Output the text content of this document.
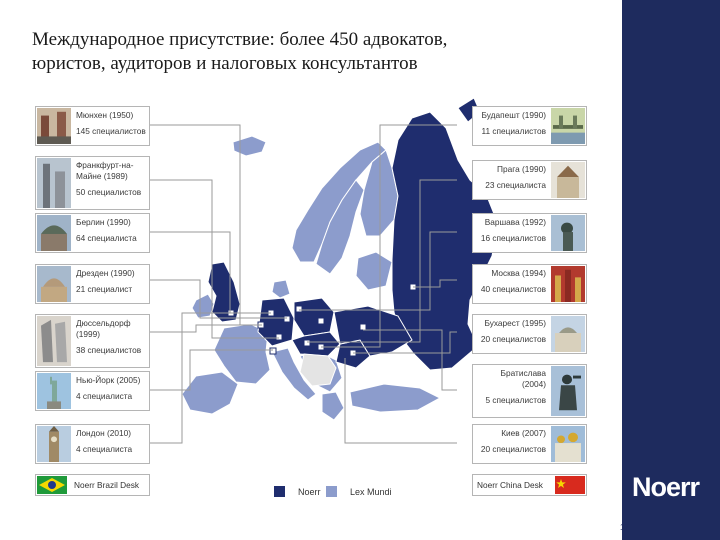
Международное присутствие: более 450 адвокатов,
юристов, аудиторов и налоговых консультантов
Noerr
17
Мюнхен (1950)
145 специалистов
Франкфурт-на-Майне (1989)
50 специалистов
Берлин (1990)
64 специалиста
Дрезден (1990)
21 специалист
Дюссельдорф (1999)
38 специалистов
Нью-Йорк (2005)
4 специалиста
Лондон (2010)
4 специалиста
Будапешт (1990)
11 специалистов
Прага (1990)
23 специалиста
Варшава (1992)
16 специалистов
Москва (1994)
40 специалистов
Бухарест (1995)
20 специалистов
Братислава (2004)
5 специалистов
Киев (2007)
20 специалистов
Noerr Brazil Desk	Noerr China Desk
Noerr	Lex Mundi
